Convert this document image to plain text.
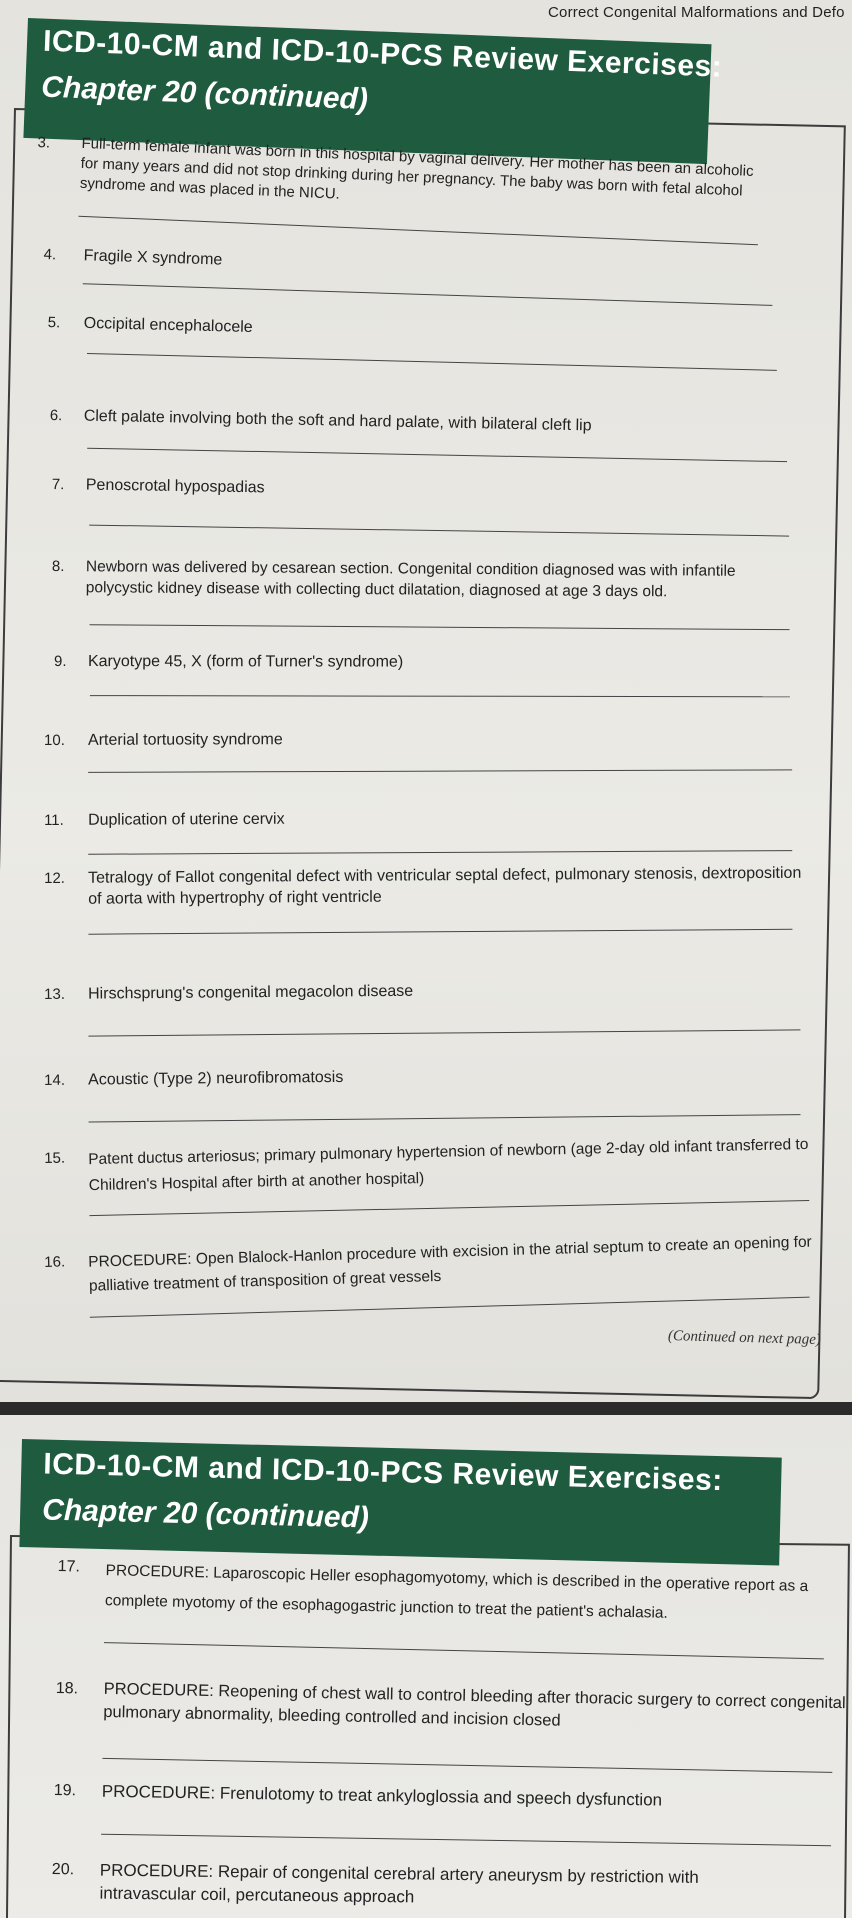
Correct Congenital Malformations and Defo
ICD-10-CM and ICD-10-PCS Review Exercises:
Chapter 20 (continued)
3. Full-term female infant was born in this hospital by vaginal delivery. Her mother has been an alcoholic for many years and did not stop drinking during her pregnancy. The baby was born with fetal alcohol syndrome and was placed in the NICU.
4. Fragile X syndrome
5. Occipital encephalocele
6. Cleft palate involving both the soft and hard palate, with bilateral cleft lip
7. Penoscrotal hypospadias
8. Newborn was delivered by cesarean section. Congenital condition diagnosed was with infantile polycystic kidney disease with collecting duct dilatation, diagnosed at age 3 days old.
9. Karyotype 45, X (form of Turner's syndrome)
10. Arterial tortuosity syndrome
11. Duplication of uterine cervix
12. Tetralogy of Fallot congenital defect with ventricular septal defect, pulmonary stenosis, dextroposition of aorta with hypertrophy of right ventricle
13. Hirschsprung's congenital megacolon disease
14. Acoustic (Type 2) neurofibromatosis
15. Patent ductus arteriosus; primary pulmonary hypertension of newborn (age 2-day old infant transferred to Children's Hospital after birth at another hospital)
16. PROCEDURE: Open Blalock-Hanlon procedure with excision in the atrial septum to create an opening for palliative treatment of transposition of great vessels
(Continued on next page)
ICD-10-CM and ICD-10-PCS Review Exercises:
Chapter 20 (continued)
17. PROCEDURE: Laparoscopic Heller esophagomyotomy, which is described in the operative report as a complete myotomy of the esophagogastric junction to treat the patient's achalasia.
18. PROCEDURE: Reopening of chest wall to control bleeding after thoracic surgery to correct congenital pulmonary abnormality, bleeding controlled and incision closed
19. PROCEDURE: Frenulotomy to treat ankyloglossia and speech dysfunction
20. PROCEDURE: Repair of congenital cerebral artery aneurysm by restriction with intravascular coil, percutaneous approach
